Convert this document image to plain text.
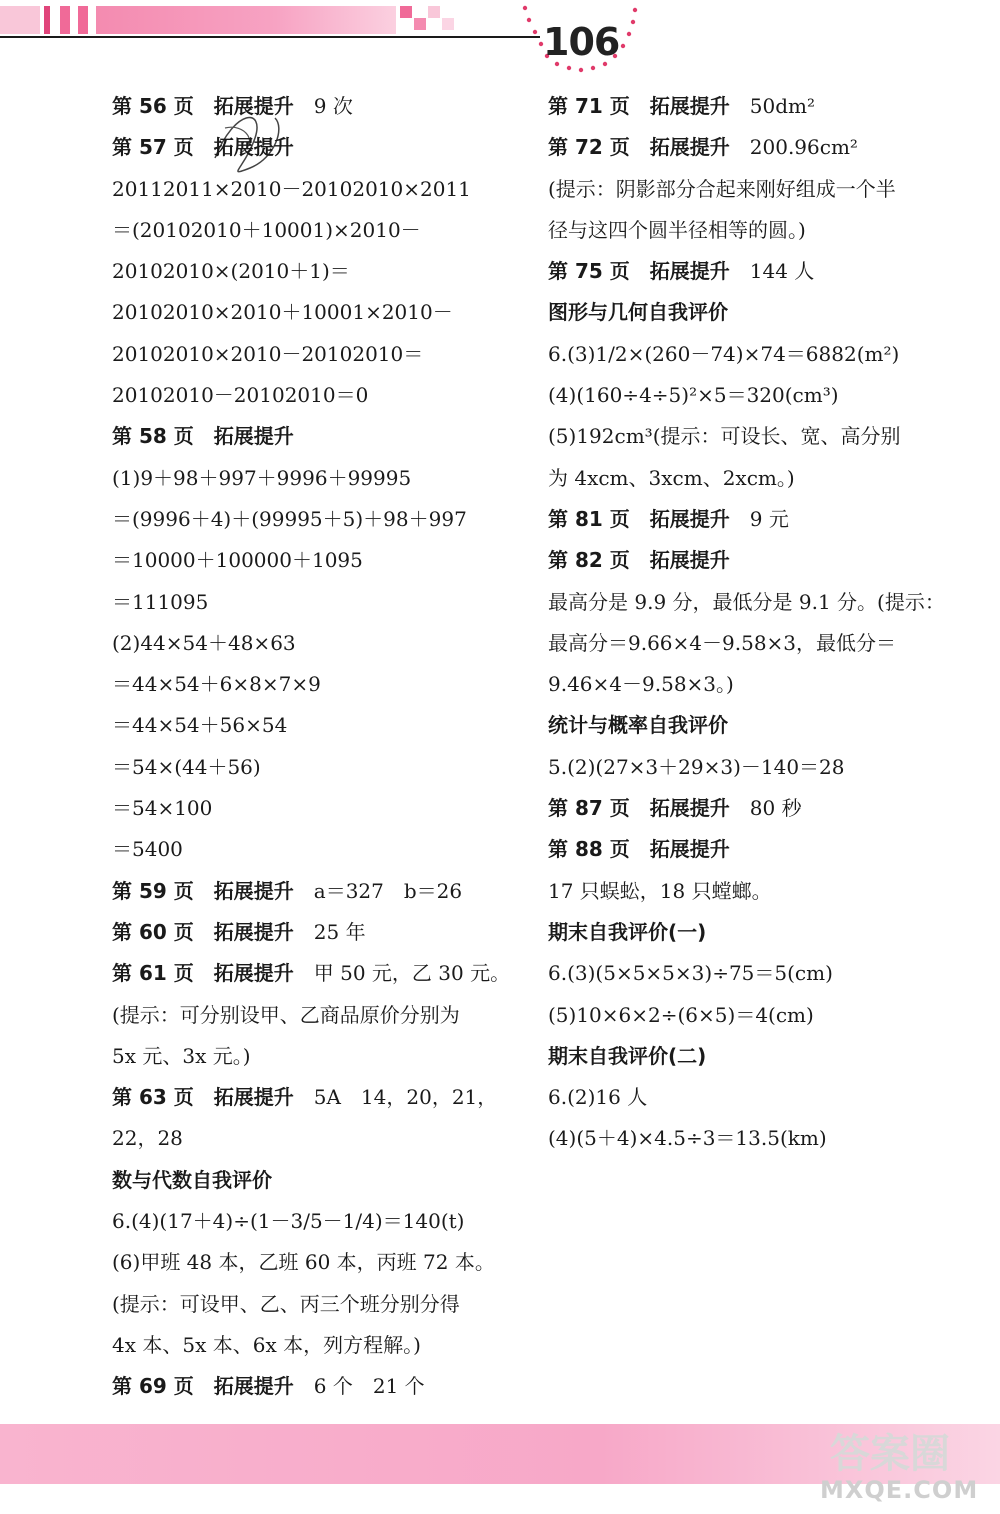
106
第 56 页　拓展提升　9 次
第 57 页　拓展提升
20112011×2010－20102010×2011
＝(20102010＋10001)×2010－
20102010×(2010＋1)＝
20102010×2010＋10001×2010－
20102010×2010－20102010＝
20102010－20102010＝0
第 58 页　拓展提升
(1)9＋98＋997＋9996＋99995
＝(9996＋4)＋(99995＋5)＋98＋997
＝10000＋100000＋1095
＝111095
(2)44×54＋48×63
＝44×54＋6×8×7×9
＝44×54＋56×54
＝54×(44＋56)
＝54×100
＝5400
第 59 页　拓展提升　a＝327　b＝26
第 60 页　拓展提升　25 年
第 61 页　拓展提升　甲 50 元，乙 30 元。
(提示：可分别设甲、乙商品原价分别为
5x 元、3x 元。)
第 63 页　拓展提升　5A　14，20，21，
22，28
数与代数自我评价
6.(4)(17＋4)÷(1－3/5－1/4)＝140(t)
(6)甲班 48 本，乙班 60 本，丙班 72 本。
(提示：可设甲、乙、丙三个班分别分得
4x 本、5x 本、6x 本，列方程解。)
第 69 页　拓展提升　6 个　21 个
第 71 页　拓展提升　50dm²
第 72 页　拓展提升　200.96cm²
(提示：阴影部分合起来刚好组成一个半
径与这四个圆半径相等的圆。)
第 75 页　拓展提升　144 人
图形与几何自我评价
6.(3)1/2×(260－74)×74＝6882(m²)
(4)(160÷4÷5)²×5＝320(cm³)
(5)192cm³(提示：可设长、宽、高分别
为 4xcm、3xcm、2xcm。)
第 81 页　拓展提升　9 元
第 82 页　拓展提升
最高分是 9.9 分，最低分是 9.1 分。(提示：
最高分＝9.66×4－9.58×3，最低分＝
9.46×4－9.58×3。)
统计与概率自我评价
5.(2)(27×3＋29×3)－140＝28
第 87 页　拓展提升　80 秒
第 88 页　拓展提升
17 只蜈蚣，18 只螳螂。
期末自我评价(一)
6.(3)(5×5×5×3)÷75＝5(cm)
(5)10×6×2÷(6×5)＝4(cm)
期末自我评价(二)
6.(2)16 人
(4)(5＋4)×4.5÷3＝13.5(km)
答案圈
MXQE.COM
